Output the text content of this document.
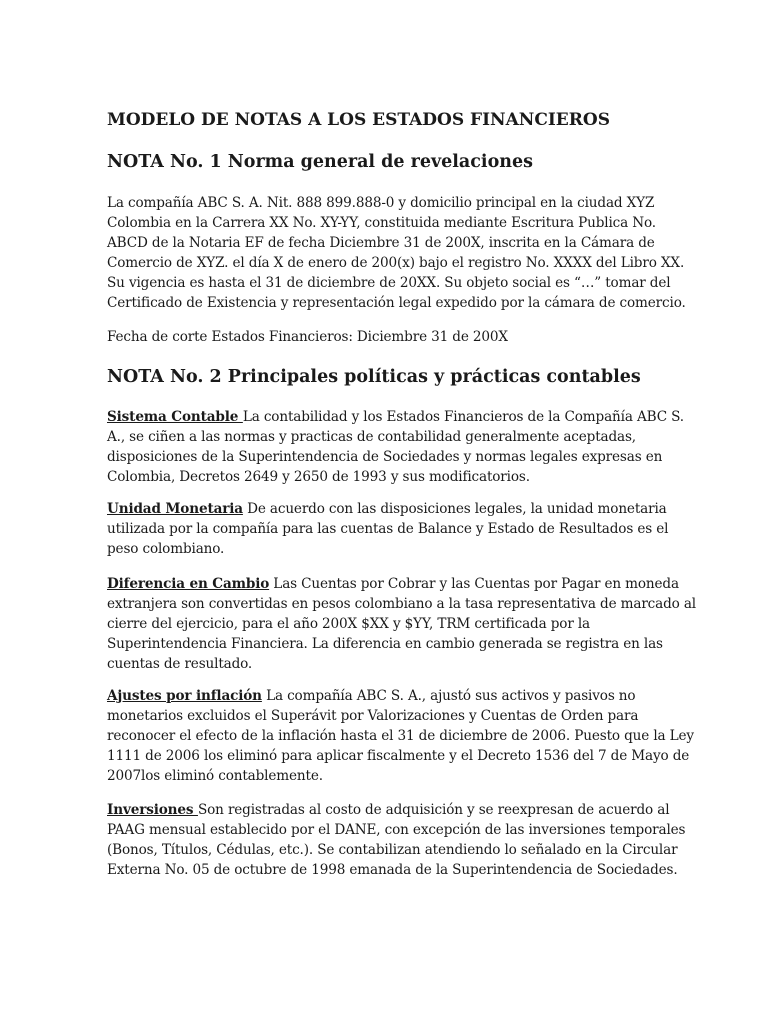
MODELO DE NOTAS A LOS ESTADOS FINANCIEROS
NOTA No. 1 Norma general de revelaciones

La compañía ABC S. A. Nit. 888 899.888-0 y domicilio principal en la ciudad XYZ Colombia en la Carrera XX No. XY-YY, constituida mediante Escritura Publica No. ABCD de la Notaria EF de fecha Diciembre 31 de 200X, inscrita en la Cámara de Comercio de XYZ. el día X de enero de 200(x) bajo el registro No. XXXX del Libro XX. Su vigencia es hasta el 31 de diciembre de 20XX. Su objeto social es “…” tomar del Certificado de Existencia y representación legal expedido por la cámara de comercio.

Fecha de corte Estados Financieros: Diciembre 31 de 200X

NOTA No. 2 Principales políticas y prácticas contables

Sistema Contable La contabilidad y los Estados Financieros de la Compañía ABC S. A., se ciñen a las normas y practicas de contabilidad generalmente aceptadas, disposiciones de la Superintendencia de Sociedades y normas legales expresas en Colombia, Decretos 2649 y 2650 de 1993 y sus modificatorios.

Unidad Monetaria De acuerdo con las disposiciones legales, la unidad monetaria utilizada por la compañía para las cuentas de Balance y Estado de Resultados es el peso colombiano.

Diferencia en Cambio Las Cuentas por Cobrar y las Cuentas por Pagar en moneda extranjera son convertidas en pesos colombiano a la tasa representativa de marcado al cierre del ejercicio, para el año 200X $XX y $YY, TRM certificada por la Superintendencia Financiera. La diferencia en cambio generada se registra en las cuentas de resultado.

Ajustes por inflación La compañía ABC S. A., ajustó sus activos y pasivos no monetarios excluidos el Superávit por Valorizaciones y Cuentas de Orden para reconocer el efecto de la inflación hasta el 31 de diciembre de 2006. Puesto que la Ley 1111 de 2006 los eliminó para aplicar fiscalmente y el Decreto 1536 del 7 de Mayo de 2007los eliminó contablemente.

Inversiones Son registradas al costo de adquisición y se reexpresan de acuerdo al PAAG mensual establecido por el DANE, con excepción de las inversiones temporales (Bonos, Títulos, Cédulas, etc.). Se contabilizan atendiendo lo señalado en la Circular Externa No. 05 de octubre de 1998 emanada de la Superintendencia de Sociedades.
